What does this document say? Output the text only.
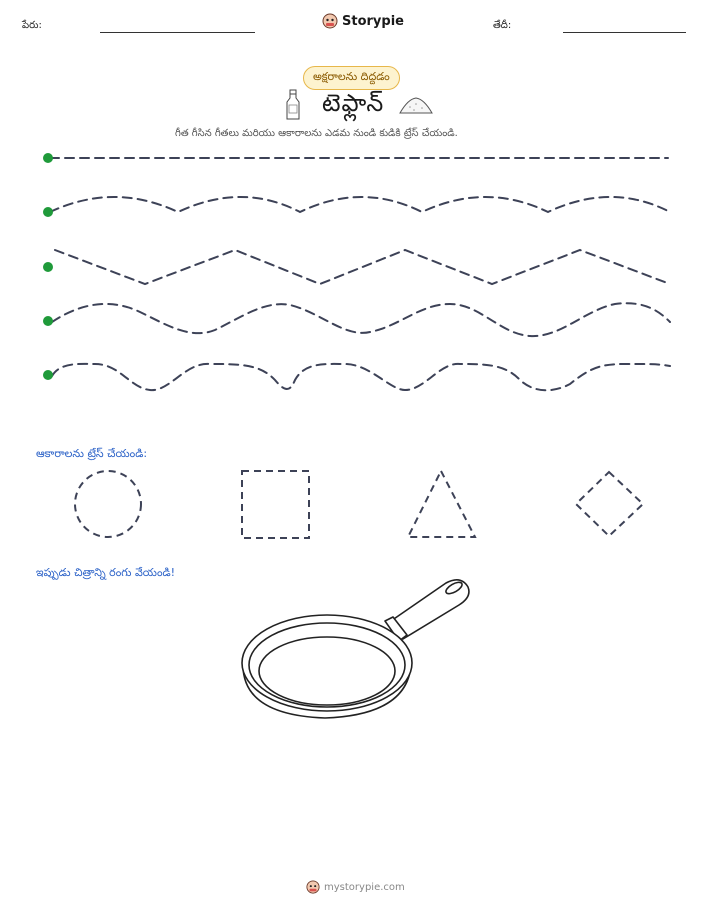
పేరు:	Storypie	తేదీ:
అక్షరాలను దిద్దడం
టెఫ్లాన్
గీత గీసిన గీతలు మరియు ఆకారాలను ఎడమ నుండి కుడికి ట్రేస్ చేయండి.
ఆకారాలను ట్రేస్ చేయండి:
ఇప్పుడు చిత్రాన్ని రంగు వేయండి!
mystorypie.com
